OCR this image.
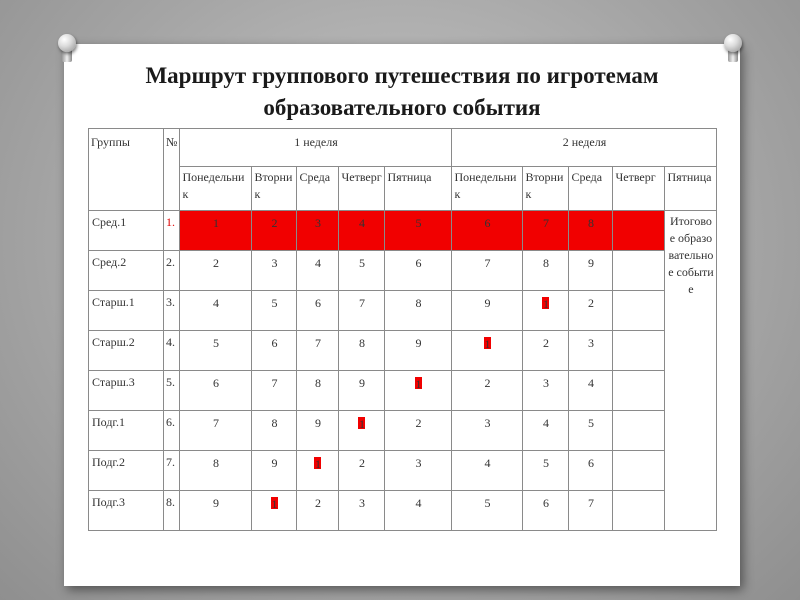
Маршрут группового путешествия по игротемам
образовательного события
Группы	№	1 неделя					2 неделя				

		Понедельник	Вторник	Среда	Четверг	Пятница	Понедельник	Вторник	Среда	Четверг	Пятница

Сред.1	1.	1	2	3	4	5	6	7	8		Итоговое образовательное событие

Сред.2	2.	2	3	4	5	6	7	8	9		

Старш.1	3.	4	5	6	7	8	9	1	2		

Старш.2	4.	5	6	7	8	9	1	2	3		

Старш.3	5.	6	7	8	9	1	2	3	4		

Подг.1	6.	7	8	9	1	2	3	4	5		

Подг.2	7.	8	9	1	2	3	4	5	6		

Подг.3	8.	9	1	2	3	4	5	6	7		
